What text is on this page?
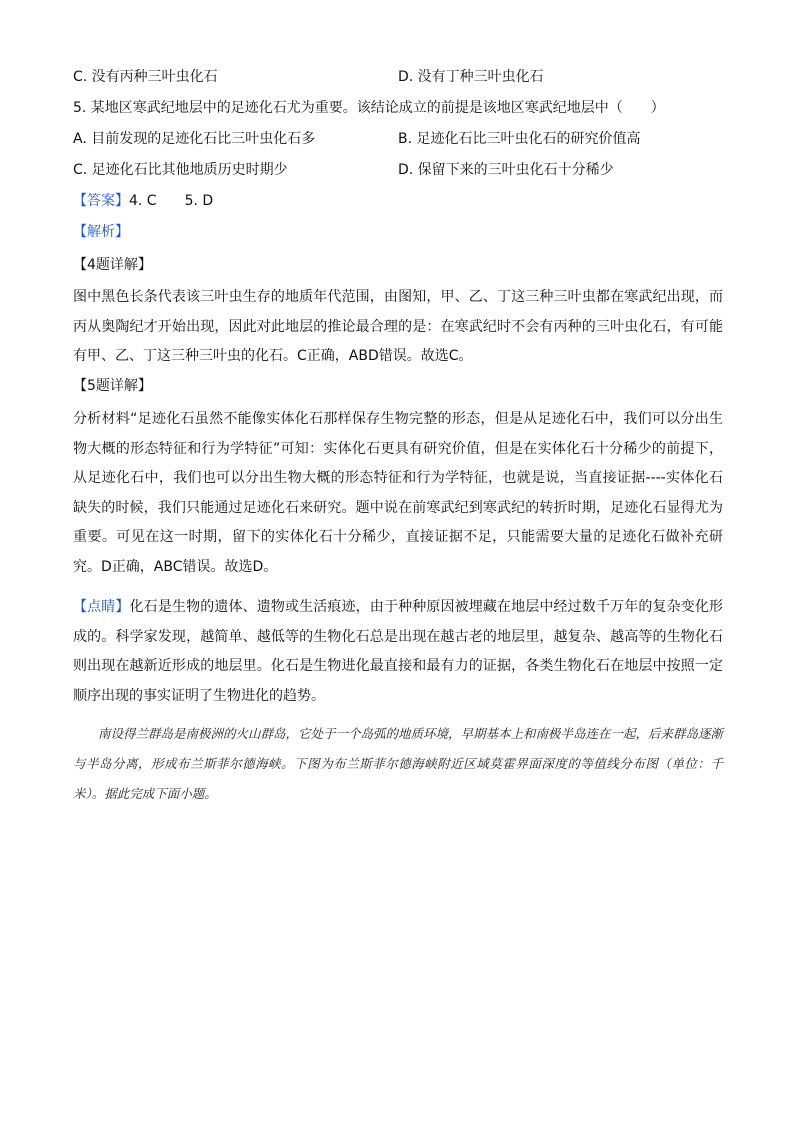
C. 没有丙种三叶虫化石	D. 没有丁种三叶虫化石
5. 某地区寒武纪地层中的足迹化石尤为重要。该结论成立的前提是该地区寒武纪地层中（　　）
A. 目前发现的足迹化石比三叶虫化石多	B. 足迹化石比三叶虫化石的研究价值高
C. 足迹化石比其他地质历史时期少	D. 保留下来的三叶虫化石十分稀少
【答案】4. C　　5. D
【解析】
【4题详解】
图中黑色长条代表该三叶虫生存的地质年代范围，由图知，甲、乙、丁这三种三叶虫都在寒武纪出现，而丙从奥陶纪才开始出现，因此对此地层的推论最合理的是：在寒武纪时不会有丙种的三叶虫化石，有可能有甲、乙、丁这三种三叶虫的化石。C正确，ABD错误。故选C。
【5题详解】
分析材料“足迹化石虽然不能像实体化石那样保存生物完整的形态，但是从足迹化石中，我们可以分出生物大概的形态特征和行为学特征”可知：实体化石更具有研究价值，但是在实体化石十分稀少的前提下，从足迹化石中，我们也可以分出生物大概的形态特征和行为学特征，也就是说，当直接证据----实体化石缺失的时候，我们只能通过足迹化石来研究。题中说在前寒武纪到寒武纪的转折时期，足迹化石显得尤为重要。可见在这一时期，留下的实体化石十分稀少，直接证据不足，只能需要大量的足迹化石做补充研究。D正确，ABC错误。故选D。
【点睛】化石是生物的遗体、遗物或生活痕迹，由于种种原因被埋藏在地层中经过数千万年的复杂变化形成的。科学家发现，越简单、越低等的生物化石总是出现在越古老的地层里，越复杂、越高等的生物化石则出现在越新近形成的地层里。化石是生物进化最直接和最有力的证据，各类生物化石在地层中按照一定顺序出现的事实证明了生物进化的趋势。
南设得兰群岛是南极洲的火山群岛，它处于一个岛弧的地质环境，早期基本上和南极半岛连在一起，后来群岛逐渐与半岛分离，形成布兰斯菲尔德海峡。下图为布兰斯菲尔德海峡附近区域莫霍界面深度的等值线分布图（单位：千米）。据此完成下面小题。
